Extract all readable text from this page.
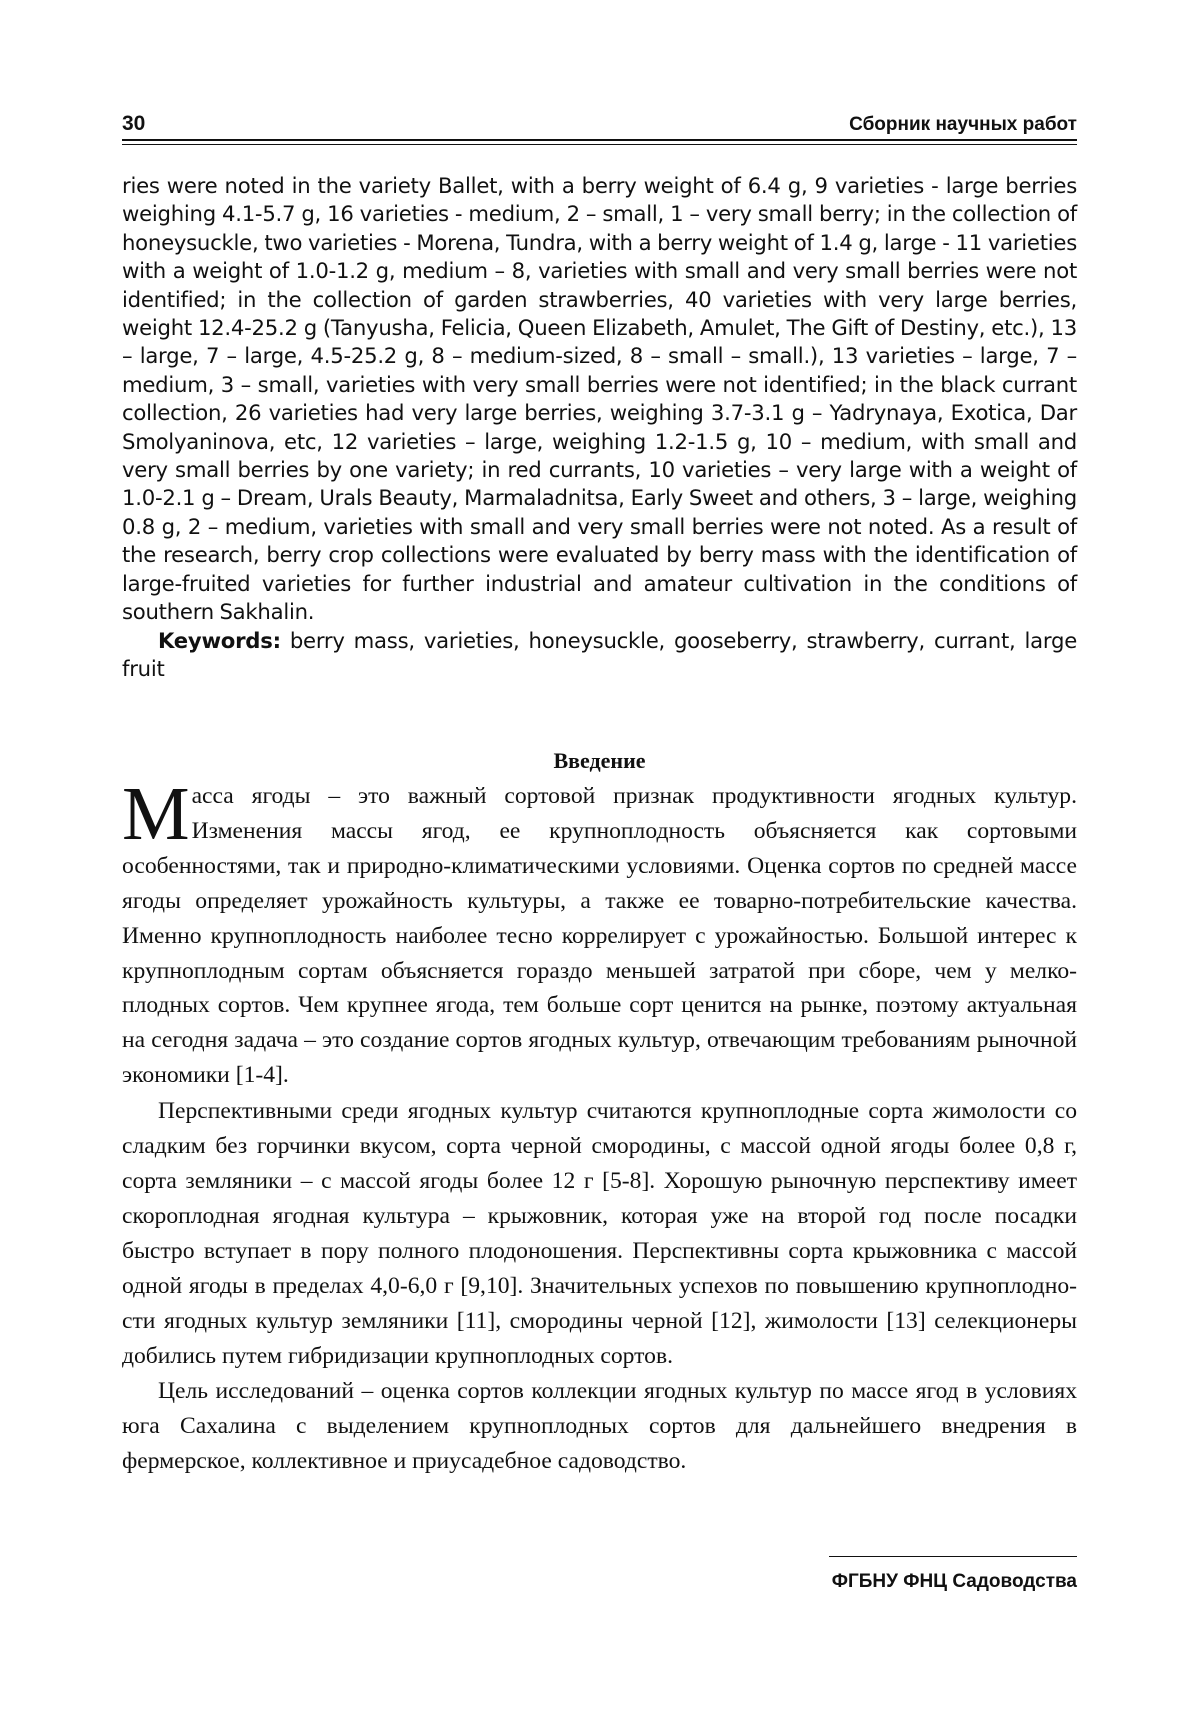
30	Сборник научных работ

ries were noted in the variety Ballet, with a berry weight of 6.4 g, 9 varieties - large berries weighing 4.1-5.7 g, 16 varieties - medium, 2 – small, 1 – very small berry; in the collection of honeysuckle, two varieties - Morena, Tundra, with a berry weight of 1.4 g, large - 11 varieties with a weight of 1.0-1.2 g, medium – 8, varieties with small and very small berries were not identified; in the collection of garden strawberries, 40 varieties with very large berries, weight 12.4-25.2 g (Tanyusha, Felicia, Queen Elizabeth, Amulet, The Gift of Destiny, etc.), 13 – large, 7 – large, 4.5-25.2 g, 8 – medium-sized, 8 – small – small.), 13 varieties – large, 7 – medium, 3 – small, varieties with very small berries were not identified; in the black currant collection, 26 varieties had very large berries, weighing 3.7-3.1 g – Yadrynaya, Exotica, Dar Smolyaninova, etc, 12 varieties – large, weighing 1.2-1.5 g, 10 – medium, with small and very small berries by one variety; in red currants, 10 varieties – very large with a weight of 1.0-2.1 g – Dream, Urals Beauty, Marmaladnitsa, Early Sweet and others, 3 – large, weighing 0.8 g, 2 – medium, varieties with small and very small berries were not noted. As a result of the research, berry crop collections were evaluated by berry mass with the identification of large-fruited varieties for further industrial and amateur cultivation in the conditions of southern Sakhalin.

Keywords: berry mass, varieties, honeysuckle, gooseberry, strawberry, currant, large fruit

Введение

Масса ягоды – это важный сортовой признак продуктивности ягодных культур. Изменения массы ягод, ее крупноплодность объясняется как сортовыми особенностями, так и природно-климатическими условиями. Оценка сортов по средней массе ягоды определяет урожайность культуры, а также ее товарно-потребительские качества. Именно крупноплодность наиболее тесно коррелирует с урожайностью. Большой интерес к крупноплодным сортам объясняется гораздо меньшей затратой при сборе, чем у мелкоплодных сортов. Чем крупнее ягода, тем больше сорт ценится на рынке, поэтому актуальная на сегодня задача – это создание сортов ягодных культур, отвечающим требованиям рыночной экономики [1-4].

Перспективными среди ягодных культур считаются крупноплодные сорта жимолости со сладким без горчинки вкусом, сорта черной смородины, с массой одной ягоды более 0,8 г, сорта земляники – с массой ягоды более 12 г [5-8]. Хорошую рыночную перспективу имеет скороплодная ягодная культура – крыжовник, которая уже на второй год после посадки быстро вступает в пору полного плодоношения. Перспективны сорта крыжовника с массой одной ягоды в пределах 4,0-6,0 г [9,10]. Значительных успехов по повышению крупноплодности ягодных культур земляники [11], смородины черной [12], жимолости [13] селекционеры добились путем гибридизации крупноплодных сортов.

Цель исследований – оценка сортов коллекции ягодных культур по массе ягод в условиях юга Сахалина с выделением крупноплодных сортов для дальнейшего внедрения в фермерское, коллективное и приусадебное садоводство.

ФГБНУ ФНЦ Садоводства
